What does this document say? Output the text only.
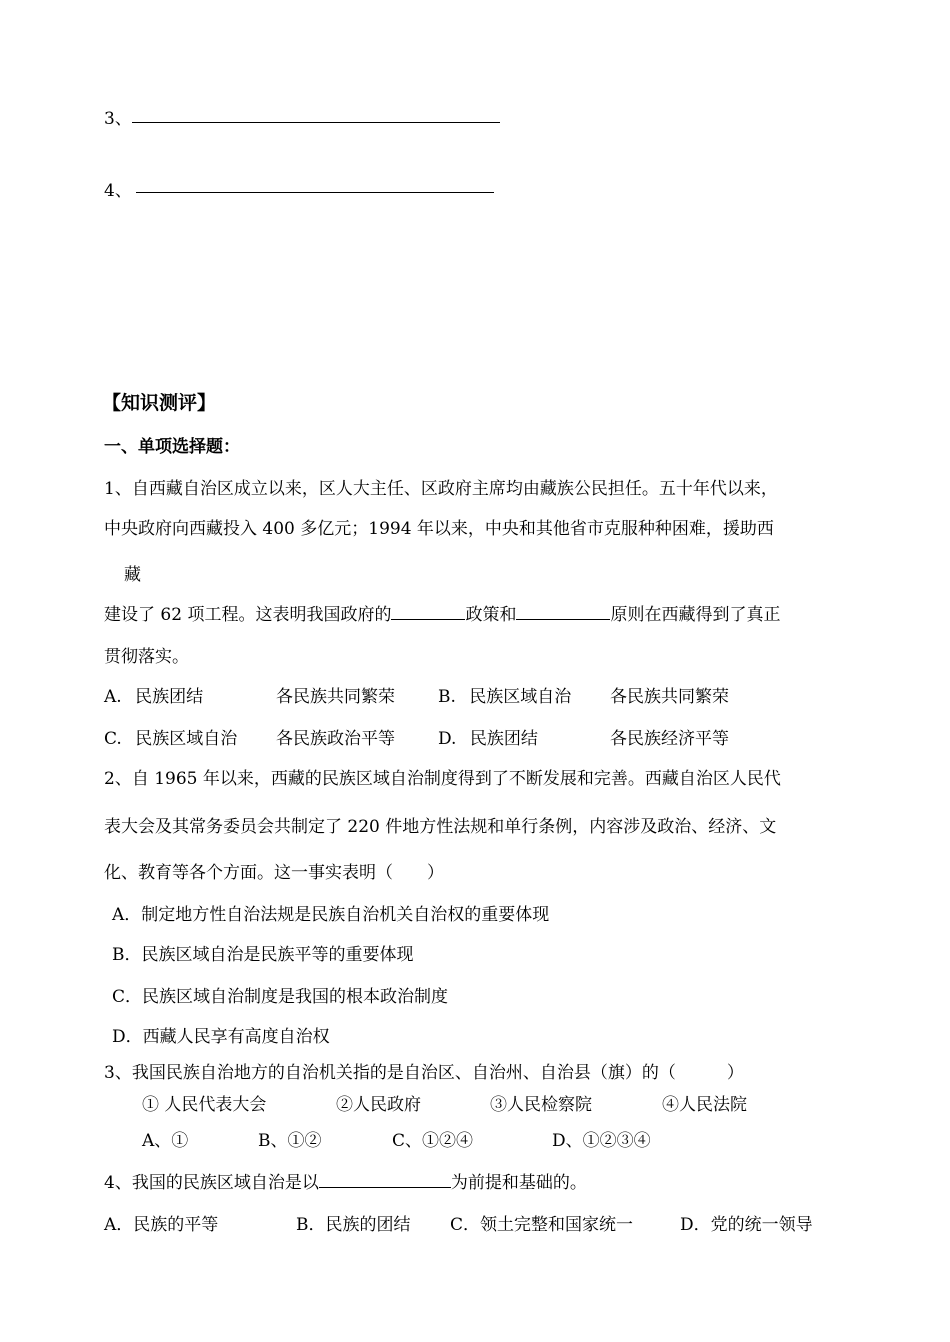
3、
4、
【知识测评】
一、单项选择题：
1、自西藏自治区成立以来，区人大主任、区政府主席均由藏族公民担任。五十年代以来，
中央政府向西藏投入 400 多亿元；1994 年以来，中央和其他省市克服种种困难，援助西
藏
建设了 62 项工程。这表明我国政府的	政策和	原则在西藏得到了真正
贯彻落实。
A. 民族团结	各民族共同繁荣	B. 民族区域自治 各民族共同繁荣
C. 民族区域自治 各民族政治平等	D. 民族团结	各民族经济平等
2、自 1965 年以来，西藏的民族区域自治制度得到了不断发展和完善。西藏自治区人民代
表大会及其常务委员会共制定了 220 件地方性法规和单行条例，内容涉及政治、经济、文
化、教育等各个方面。这一事实表明（　　）
A．制定地方性自治法规是民族自治机关自治权的重要体现
B．民族区域自治是民族平等的重要体现
C．民族区域自治制度是我国的根本政治制度
D．西藏人民享有高度自治权
3、我国民族自治地方的自治机关指的是自治区、自治州、自治县（旗）的（　　　）
① 人民代表大会	②人民政府	③人民检察院	④人民法院
A、①	B、①②	C、①②④	D、①②③④
4、我国的民族区域自治是以	为前提和基础的。
A．民族的平等	B．民族的团结 C．领土完整和国家统一	D．党的统一领导
